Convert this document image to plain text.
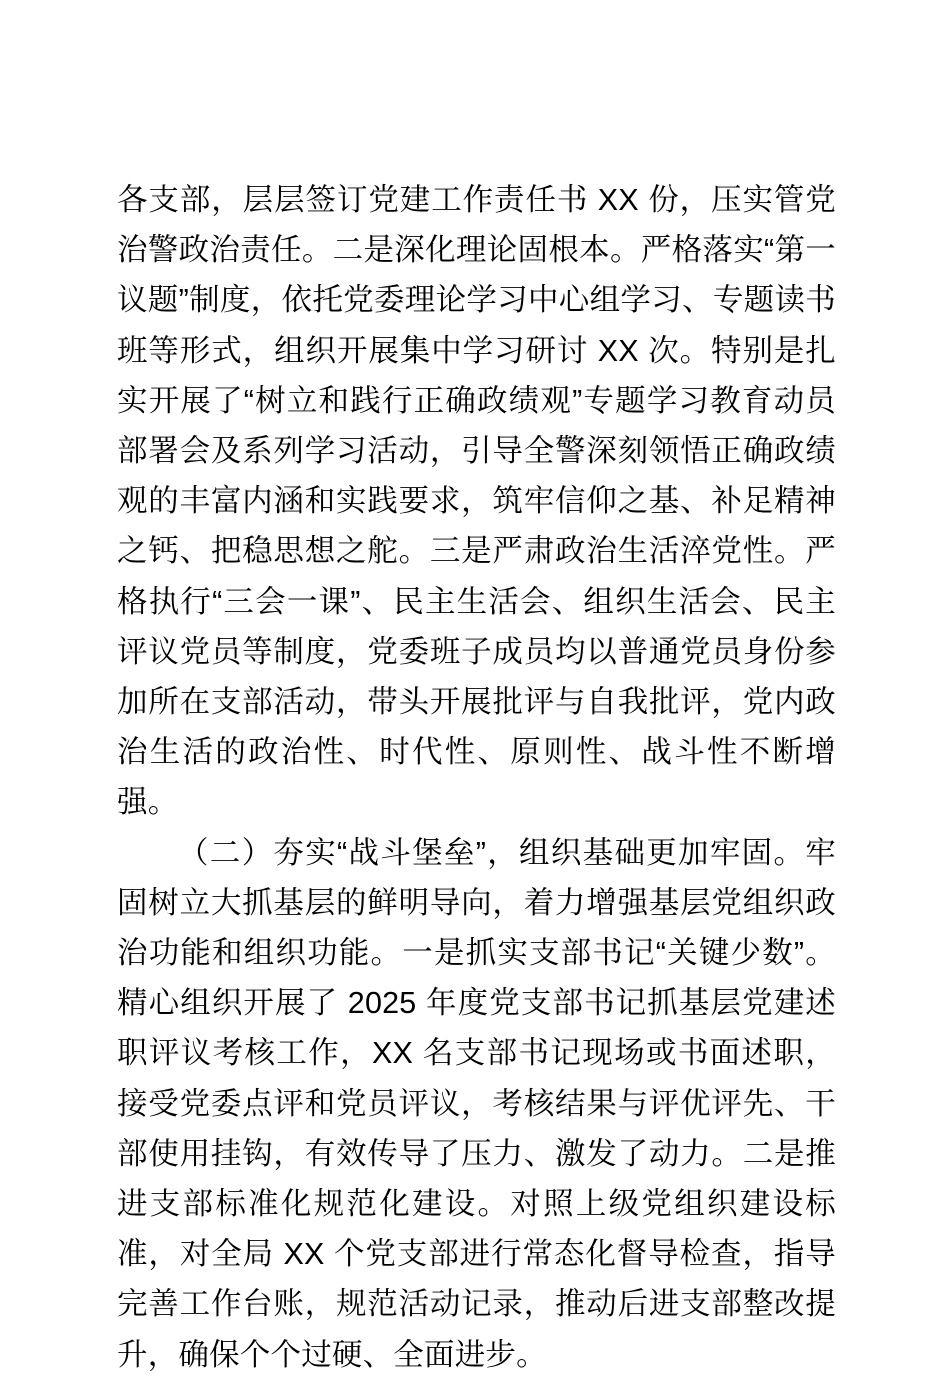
各支部，层层签订党建工作责任书 XX 份，压实管党治警政治责任。二是深化理论固根本。严格落实“第一议题”制度，依托党委理论学习中心组学习、专题读书班等形式，组织开展集中学习研讨 XX 次。特别是扎实开展了“树立和践行正确政绩观”专题学习教育动员部署会及系列学习活动，引导全警深刻领悟正确政绩观的丰富内涵和实践要求，筑牢信仰之基、补足精神之钙、把稳思想之舵。三是严肃政治生活淬党性。严格执行“三会一课”、民主生活会、组织生活会、民主评议党员等制度，党委班子成员均以普通党员身份参加所在支部活动，带头开展批评与自我批评，党内政治生活的政治性、时代性、原则性、战斗性不断增强。

（二）夯实“战斗堡垒”，组织基础更加牢固。牢固树立大抓基层的鲜明导向，着力增强基层党组织政治功能和组织功能。一是抓实支部书记“关键少数”。精心组织开展了 2025 年度党支部书记抓基层党建述职评议考核工作，XX 名支部书记现场或书面述职，接受党委点评和党员评议，考核结果与评优评先、干部使用挂钩，有效传导了压力、激发了动力。二是推进支部标准化规范化建设。对照上级党组织建设标准，对全局 XX 个党支部进行常态化督导检查，指导完善工作台账，规范活动记录，推动后进支部整改提升，确保个个过硬、全面进步。
